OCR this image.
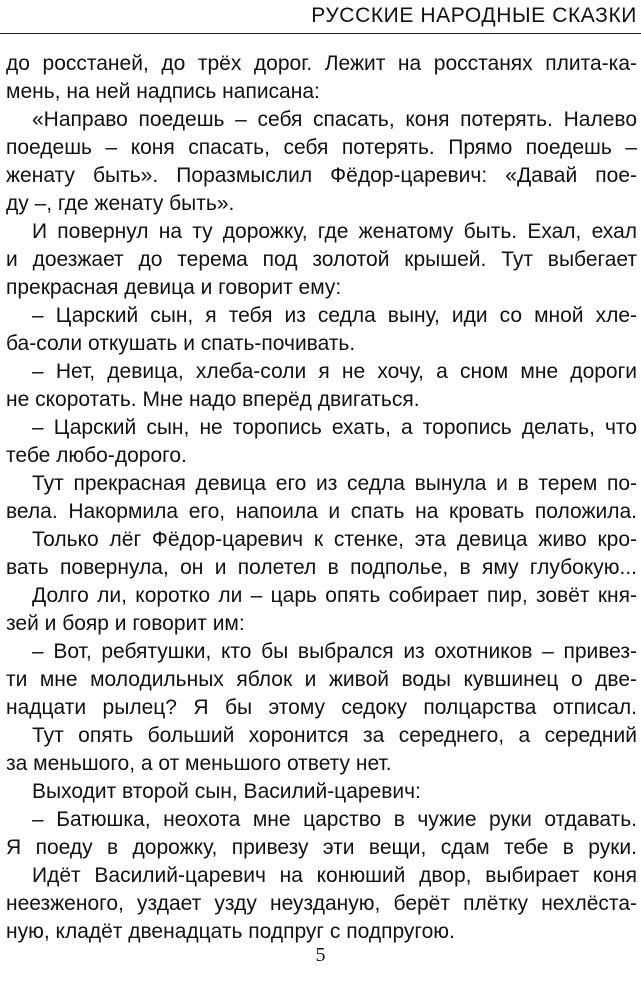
РУССКИЕ НАРОДНЫЕ СКАЗКИ
до росстаней, до трёх дорог. Лежит на росстанях плита-ка-
мень, на ней надпись написана:
«Направо поедешь – себя спасать, коня потерять. Налево
поедешь – коня спасать, себя потерять. Прямо поедешь –
женату быть». Поразмыслил Фёдор-царевич: «Давай пое-
ду –, где женату быть».
И повернул на ту дорожку, где женатому быть. Ехал, ехал
и доезжает до терема под золотой крышей. Тут выбегает
прекрасная девица и говорит ему:
– Царский сын, я тебя из седла выну, иди со мной хле-
ба-соли откушать и спать-почивать.
– Нет, девица, хлеба-соли я не хочу, а сном мне дороги
не скоротать. Мне надо вперёд двигаться.
– Царский сын, не торопись ехать, а торопись делать, что
тебе любо-дорого.
Тут прекрасная девица его из седла вынула и в терем по-
вела. Накормила его, напоила и спать на кровать положила.
Только лёг Фёдор-царевич к стенке, эта девица живо кро-
вать повернула, он и полетел в подполье, в яму глубокую...
Долго ли, коротко ли – царь опять собирает пир, зовёт кня-
зей и бояр и говорит им:
– Вот, ребятушки, кто бы выбрался из охотников – привез-
ти мне молодильных яблок и живой воды кувшинец о две-
надцати рылец? Я бы этому седоку полцарства отписал.
Тут опять больший хоронится за середнего, а середний
за меньшого, а от меньшого ответу нет.
Выходит второй сын, Василий-царевич:
– Батюшка, неохота мне царство в чужие руки отдавать.
Я поеду в дорожку, привезу эти вещи, сдам тебе в руки.
Идёт Василий-царевич на конюший двор, выбирает коня
неезженого, уздает узду неузданую, берёт плётку нехлёста-
ную, кладёт двенадцать подпруг с подпругою.
5
